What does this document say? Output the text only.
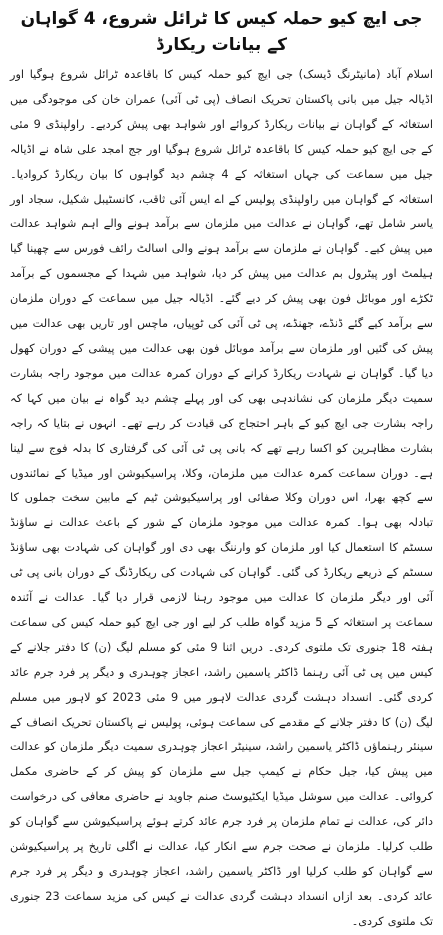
جی ایچ کیو حملہ کیس کا ٹرائل شروع، 4 گواہان کے بیانات ریکارڈ

اسلام آباد (مانیٹرنگ ڈیسک) جی ایچ کیو حملہ کیس کا باقاعدہ ٹرائل شروع ہوگیا اور اڈیالہ جیل میں بانی پاکستان تحریک انصاف (پی ٹی آئی) عمران خان کی موجودگی میں استغاثہ کے گواہان نے بیانات ریکارڈ کروائے اور شواہد بھی پیش کردیے۔ راولپنڈی 9 مئی کے جی ایچ کیو حملہ کیس کا باقاعدہ ٹرائل شروع ہوگیا اور جج امجد علی شاہ نے اڈیالہ جیل میں سماعت کی جہاں استغاثہ کے 4 چشم دید گواہوں کا بیان ریکارڈ کروادیا۔ استغاثہ کے گواہان میں راولپنڈی پولیس کے اے ایس آئی ثاقب، کانسٹیبل شکیل، سجاد اور یاسر شامل تھے، گواہان نے عدالت میں ملزمان سے برآمد ہونے والے اہم شواہد عدالت میں پیش کیے۔ گواہان نے ملزمان سے برآمد ہونے والی اسالٹ رائف فورس سے چھینا گیا ہیلمٹ اور پیٹرول بم عدالت میں پیش کر دیا، شواہد میں شہدا کے مجسموں کے برآمد ٹکڑے اور موبائل فون بھی پیش کر دیے گئے۔ اڈیالہ جیل میں سماعت کے دوران ملزمان سے برآمد کیے گئے ڈنڈے، جھنڈے، پی ٹی آئی کی ٹوپیاں، ماچس اور تاریں بھی عدالت میں پیش کی گئیں اور ملزمان سے برآمد موبائل فون بھی عدالت میں پیشی کے دوران کھول دیا گیا۔ گواہان نے شہادت ریکارڈ کرانے کے دوران کمرہ عدالت میں موجود راجہ بشارت سمیت دیگر ملزمان کی نشاندہی بھی کی اور پہلے چشم دید گواہ نے بیان میں کہا کہ راجہ بشارت جی ایچ کیو کے باہر احتجاج کی قیادت کر رہے تھے۔ انہوں نے بتایا کہ راجہ بشارت مظاہرین کو اکسا رہے تھے کہ بانی پی ٹی آئی کی گرفتاری کا بدلہ فوج سے لینا ہے۔ دوران سماعت کمرہ عدالت میں ملزمان، وکلا، پراسیکیوشن اور میڈیا کے نمائندوں سے کچھ بھرا، اس دوران وکلا صفائی اور پراسیکیوشن ٹیم کے مابین سخت جملوں کا تبادلہ بھی ہوا۔ کمرہ عدالت میں موجود ملزمان کے شور کے باعث عدالت نے ساؤنڈ سسٹم کا استعمال کیا اور ملزمان کو وارننگ بھی دی اور گواہان کی شہادت بھی ساؤنڈ سسٹم کے ذریعے ریکارڈ کی گئی۔ گواہان کی شہادت کی ریکارڈنگ کے دوران بانی پی ٹی آئی اور دیگر ملزمان کا عدالت میں موجود رہنا لازمی قرار دیا گیا۔ عدالت نے آئندہ سماعت پر استغاثہ کے 5 مزید گواہ طلب کر لیے اور جی ایچ کیو حملہ کیس کی سماعت ہفتہ 18 جنوری تک ملتوی کردی۔ دریں اثنا 9 مئی کو مسلم لیگ (ن) کا دفتر جلانے کے کیس میں پی ٹی آئی رہنما ڈاکٹر یاسمین راشد، اعجاز چوہدری و دیگر پر فرد جرم عائد کردی گئی۔ انسداد دہشت گردی عدالت لاہور میں 9 مئی 2023 کو لاہور میں مسلم لیگ (ن) کا دفتر جلانے کے مقدمے کی سماعت ہوئی، پولیس نے پاکستان تحریک انصاف کے سینئر رہنماؤں ڈاکٹر یاسمین راشد، سینیٹر اعجاز چوہدری سمیت دیگر ملزمان کو عدالت میں پیش کیا، جیل حکام نے کیمپ جیل سے ملزمان کو پیش کر کے حاضری مکمل کروائی۔ عدالت میں سوشل میڈیا ایکٹیوسٹ صنم جاوید نے حاضری معافی کی درخواست دائر کی، عدالت نے تمام ملزمان پر فرد جرم عائد کرتے ہوئے پراسیکیوشن سے گواہان کو طلب کرلیا۔ ملزمان نے صحت جرم سے انکار کیا، عدالت نے اگلی تاریخ پر پراسیکیوشن سے گواہان کو طلب کرلیا اور ڈاکٹر یاسمین راشد، اعجاز چوہدری و دیگر پر فرد جرم عائد کردی۔ بعد ازاں انسداد دہشت گردی عدالت نے کیس کی مزید سماعت 23 جنوری تک ملتوی کردی۔
